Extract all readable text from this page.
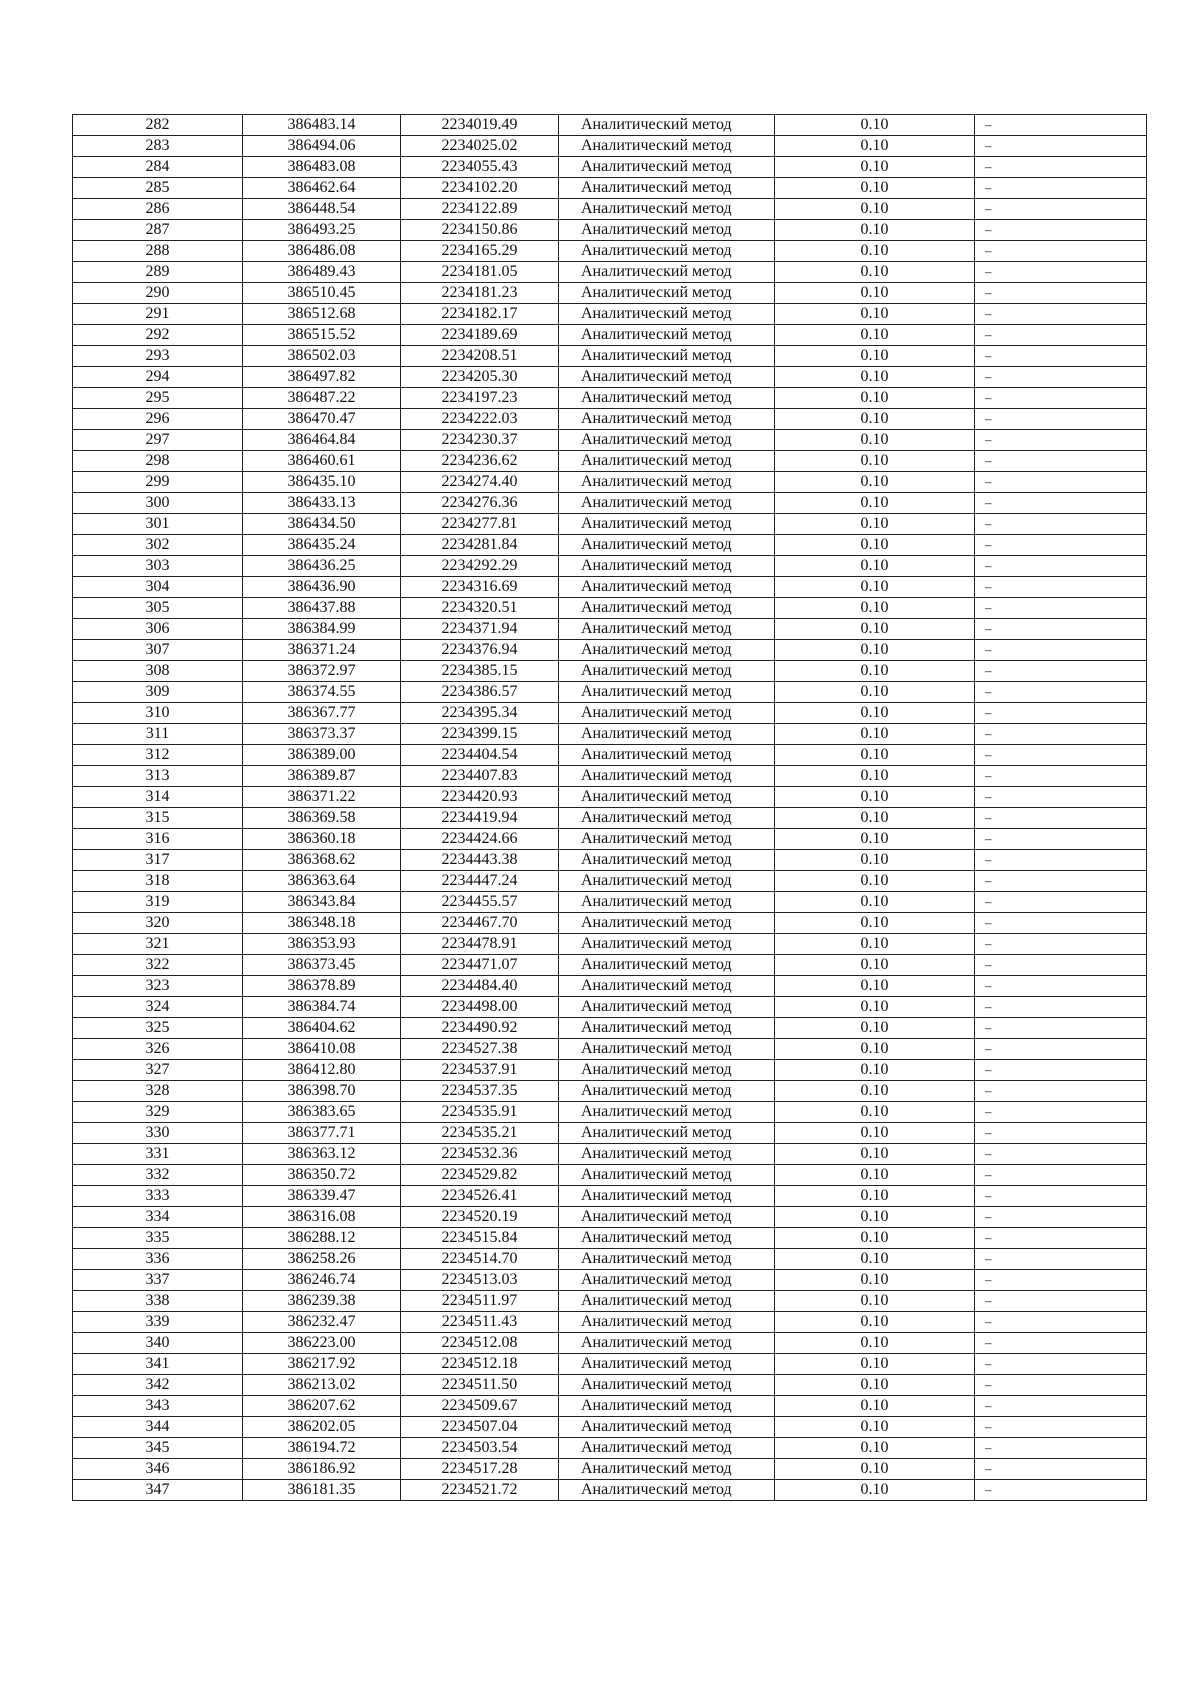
282	386483.14	2234019.49	Аналитический метод	0.10	–
283	386494.06	2234025.02	Аналитический метод	0.10	–
284	386483.08	2234055.43	Аналитический метод	0.10	–
285	386462.64	2234102.20	Аналитический метод	0.10	–
286	386448.54	2234122.89	Аналитический метод	0.10	–
287	386493.25	2234150.86	Аналитический метод	0.10	–
288	386486.08	2234165.29	Аналитический метод	0.10	–
289	386489.43	2234181.05	Аналитический метод	0.10	–
290	386510.45	2234181.23	Аналитический метод	0.10	–
291	386512.68	2234182.17	Аналитический метод	0.10	–
292	386515.52	2234189.69	Аналитический метод	0.10	–
293	386502.03	2234208.51	Аналитический метод	0.10	–
294	386497.82	2234205.30	Аналитический метод	0.10	–
295	386487.22	2234197.23	Аналитический метод	0.10	–
296	386470.47	2234222.03	Аналитический метод	0.10	–
297	386464.84	2234230.37	Аналитический метод	0.10	–
298	386460.61	2234236.62	Аналитический метод	0.10	–
299	386435.10	2234274.40	Аналитический метод	0.10	–
300	386433.13	2234276.36	Аналитический метод	0.10	–
301	386434.50	2234277.81	Аналитический метод	0.10	–
302	386435.24	2234281.84	Аналитический метод	0.10	–
303	386436.25	2234292.29	Аналитический метод	0.10	–
304	386436.90	2234316.69	Аналитический метод	0.10	–
305	386437.88	2234320.51	Аналитический метод	0.10	–
306	386384.99	2234371.94	Аналитический метод	0.10	–
307	386371.24	2234376.94	Аналитический метод	0.10	–
308	386372.97	2234385.15	Аналитический метод	0.10	–
309	386374.55	2234386.57	Аналитический метод	0.10	–
310	386367.77	2234395.34	Аналитический метод	0.10	–
311	386373.37	2234399.15	Аналитический метод	0.10	–
312	386389.00	2234404.54	Аналитический метод	0.10	–
313	386389.87	2234407.83	Аналитический метод	0.10	–
314	386371.22	2234420.93	Аналитический метод	0.10	–
315	386369.58	2234419.94	Аналитический метод	0.10	–
316	386360.18	2234424.66	Аналитический метод	0.10	–
317	386368.62	2234443.38	Аналитический метод	0.10	–
318	386363.64	2234447.24	Аналитический метод	0.10	–
319	386343.84	2234455.57	Аналитический метод	0.10	–
320	386348.18	2234467.70	Аналитический метод	0.10	–
321	386353.93	2234478.91	Аналитический метод	0.10	–
322	386373.45	2234471.07	Аналитический метод	0.10	–
323	386378.89	2234484.40	Аналитический метод	0.10	–
324	386384.74	2234498.00	Аналитический метод	0.10	–
325	386404.62	2234490.92	Аналитический метод	0.10	–
326	386410.08	2234527.38	Аналитический метод	0.10	–
327	386412.80	2234537.91	Аналитический метод	0.10	–
328	386398.70	2234537.35	Аналитический метод	0.10	–
329	386383.65	2234535.91	Аналитический метод	0.10	–
330	386377.71	2234535.21	Аналитический метод	0.10	–
331	386363.12	2234532.36	Аналитический метод	0.10	–
332	386350.72	2234529.82	Аналитический метод	0.10	–
333	386339.47	2234526.41	Аналитический метод	0.10	–
334	386316.08	2234520.19	Аналитический метод	0.10	–
335	386288.12	2234515.84	Аналитический метод	0.10	–
336	386258.26	2234514.70	Аналитический метод	0.10	–
337	386246.74	2234513.03	Аналитический метод	0.10	–
338	386239.38	2234511.97	Аналитический метод	0.10	–
339	386232.47	2234511.43	Аналитический метод	0.10	–
340	386223.00	2234512.08	Аналитический метод	0.10	–
341	386217.92	2234512.18	Аналитический метод	0.10	–
342	386213.02	2234511.50	Аналитический метод	0.10	–
343	386207.62	2234509.67	Аналитический метод	0.10	–
344	386202.05	2234507.04	Аналитический метод	0.10	–
345	386194.72	2234503.54	Аналитический метод	0.10	–
346	386186.92	2234517.28	Аналитический метод	0.10	–
347	386181.35	2234521.72	Аналитический метод	0.10	–
